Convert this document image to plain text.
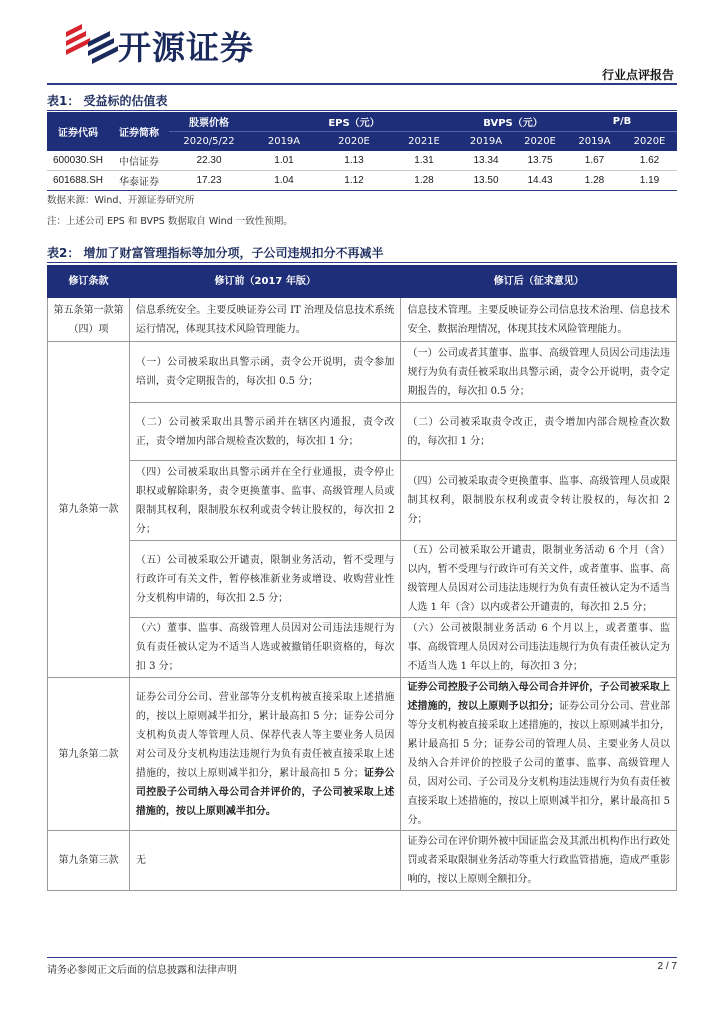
开源证券
行业点评报告
表1： 受益标的估值表
证券代码	证券简称	股票价格	EPS（元）			BVPS（元）		P/B	
		2020/5/22	2019A	2020E	2021E	2019A	2020E	2019A	2020E
600030.SH	中信证券	22.30	1.01	1.13	1.31	13.34	13.75	1.67	1.62
601688.SH	华泰证券	17.23	1.04	1.12	1.28	13.50	14.43	1.28	1.19
数据来源：Wind、开源证券研究所
注：上述公司 EPS 和 BVPS 数据取自 Wind 一致性预期。
表2： 增加了财富管理指标等加分项，子公司违规扣分不再减半
修订条款	修订前（2017 年版）	修订后（征求意见）
第五条第一款第（四）项	信息系统安全。主要反映证券公司 IT 治理及信息技术系统运行情况，体现其技术风险管理能力。	信息技术管理。主要反映证券公司信息技术治理、信息技术安全、数据治理情况，体现其技术风险管理能力。
第九条第一款	（一）公司被采取出具警示函，责令公开说明，责令参加培训，责令定期报告的，每次扣 0.5 分；	（一）公司或者其董事、监事、高级管理人员因公司违法违规行为负有责任被采取出具警示函，责令公开说明，责令定期报告的，每次扣 0.5 分；
	（二）公司被采取出具警示函并在辖区内通报，责令改正，责令增加内部合规检查次数的，每次扣 1 分；	（二）公司被采取责令改正，责令增加内部合规检查次数的，每次扣 1 分；
	（四）公司被采取出具警示函并在全行业通报，责令停止职权或解除职务，责令更换董事、监事、高级管理人员或限制其权利，限制股东权利或责令转让股权的，每次扣 2 分；	（四）公司被采取责令更换董事、监事、高级管理人员或限制其权利，限制股东权利或责令转让股权的，每次扣 2 分；
	（五）公司被采取公开谴责，限制业务活动，暂不受理与行政许可有关文件，暂停核准新业务或增设、收购营业性分支机构申请的，每次扣 2.5 分；	（五）公司被采取公开谴责，限制业务活动 6 个月（含）以内，暂不受理与行政许可有关文件，或者董事、监事、高级管理人员因对公司违法违规行为负有责任被认定为不适当人选 1 年（含）以内或者公开谴责的，每次扣 2.5 分；
	（六）董事、监事、高级管理人员因对公司违法违规行为负有责任被认定为不适当人选或被撤销任职资格的，每次扣 3 分；	（六）公司被限制业务活动 6 个月以上，或者董事、监事、高级管理人员因对公司违法违规行为负有责任被认定为不适当人选 1 年以上的，每次扣 3 分；
第九条第二款	证券公司分公司、营业部等分支机构被直接采取上述措施的，按以上原则减半扣分，累计最高扣 5 分；证券公司分支机构负责人等管理人员、保荐代表人等主要业务人员因对公司及分支机构违法违规行为负有责任被直接采取上述措施的，按以上原则减半扣分，累计最高扣 5 分；证券公司控股子公司纳入母公司合并评价的，子公司被采取上述措施的，按以上原则减半扣分。	证券公司控股子公司纳入母公司合并评价，子公司被采取上述措施的，按以上原则予以扣分；证券公司分公司、营业部等分支机构被直接采取上述措施的，按以上原则减半扣分，累计最高扣 5 分；证券公司的管理人员、主要业务人员以及纳入合并评价的控股子公司的董事、监事、高级管理人员，因对公司、子公司及分支机构违法违规行为负有责任被直接采取上述措施的，按以上原则减半扣分，累计最高扣 5 分。
第九条第三款	无	证券公司在评价期外被中国证监会及其派出机构作出行政处罚或者采取限制业务活动等重大行政监管措施，造成严重影响的，按以上原则全额扣分。
请务必参阅正文后面的信息披露和法律声明	2 / 7
